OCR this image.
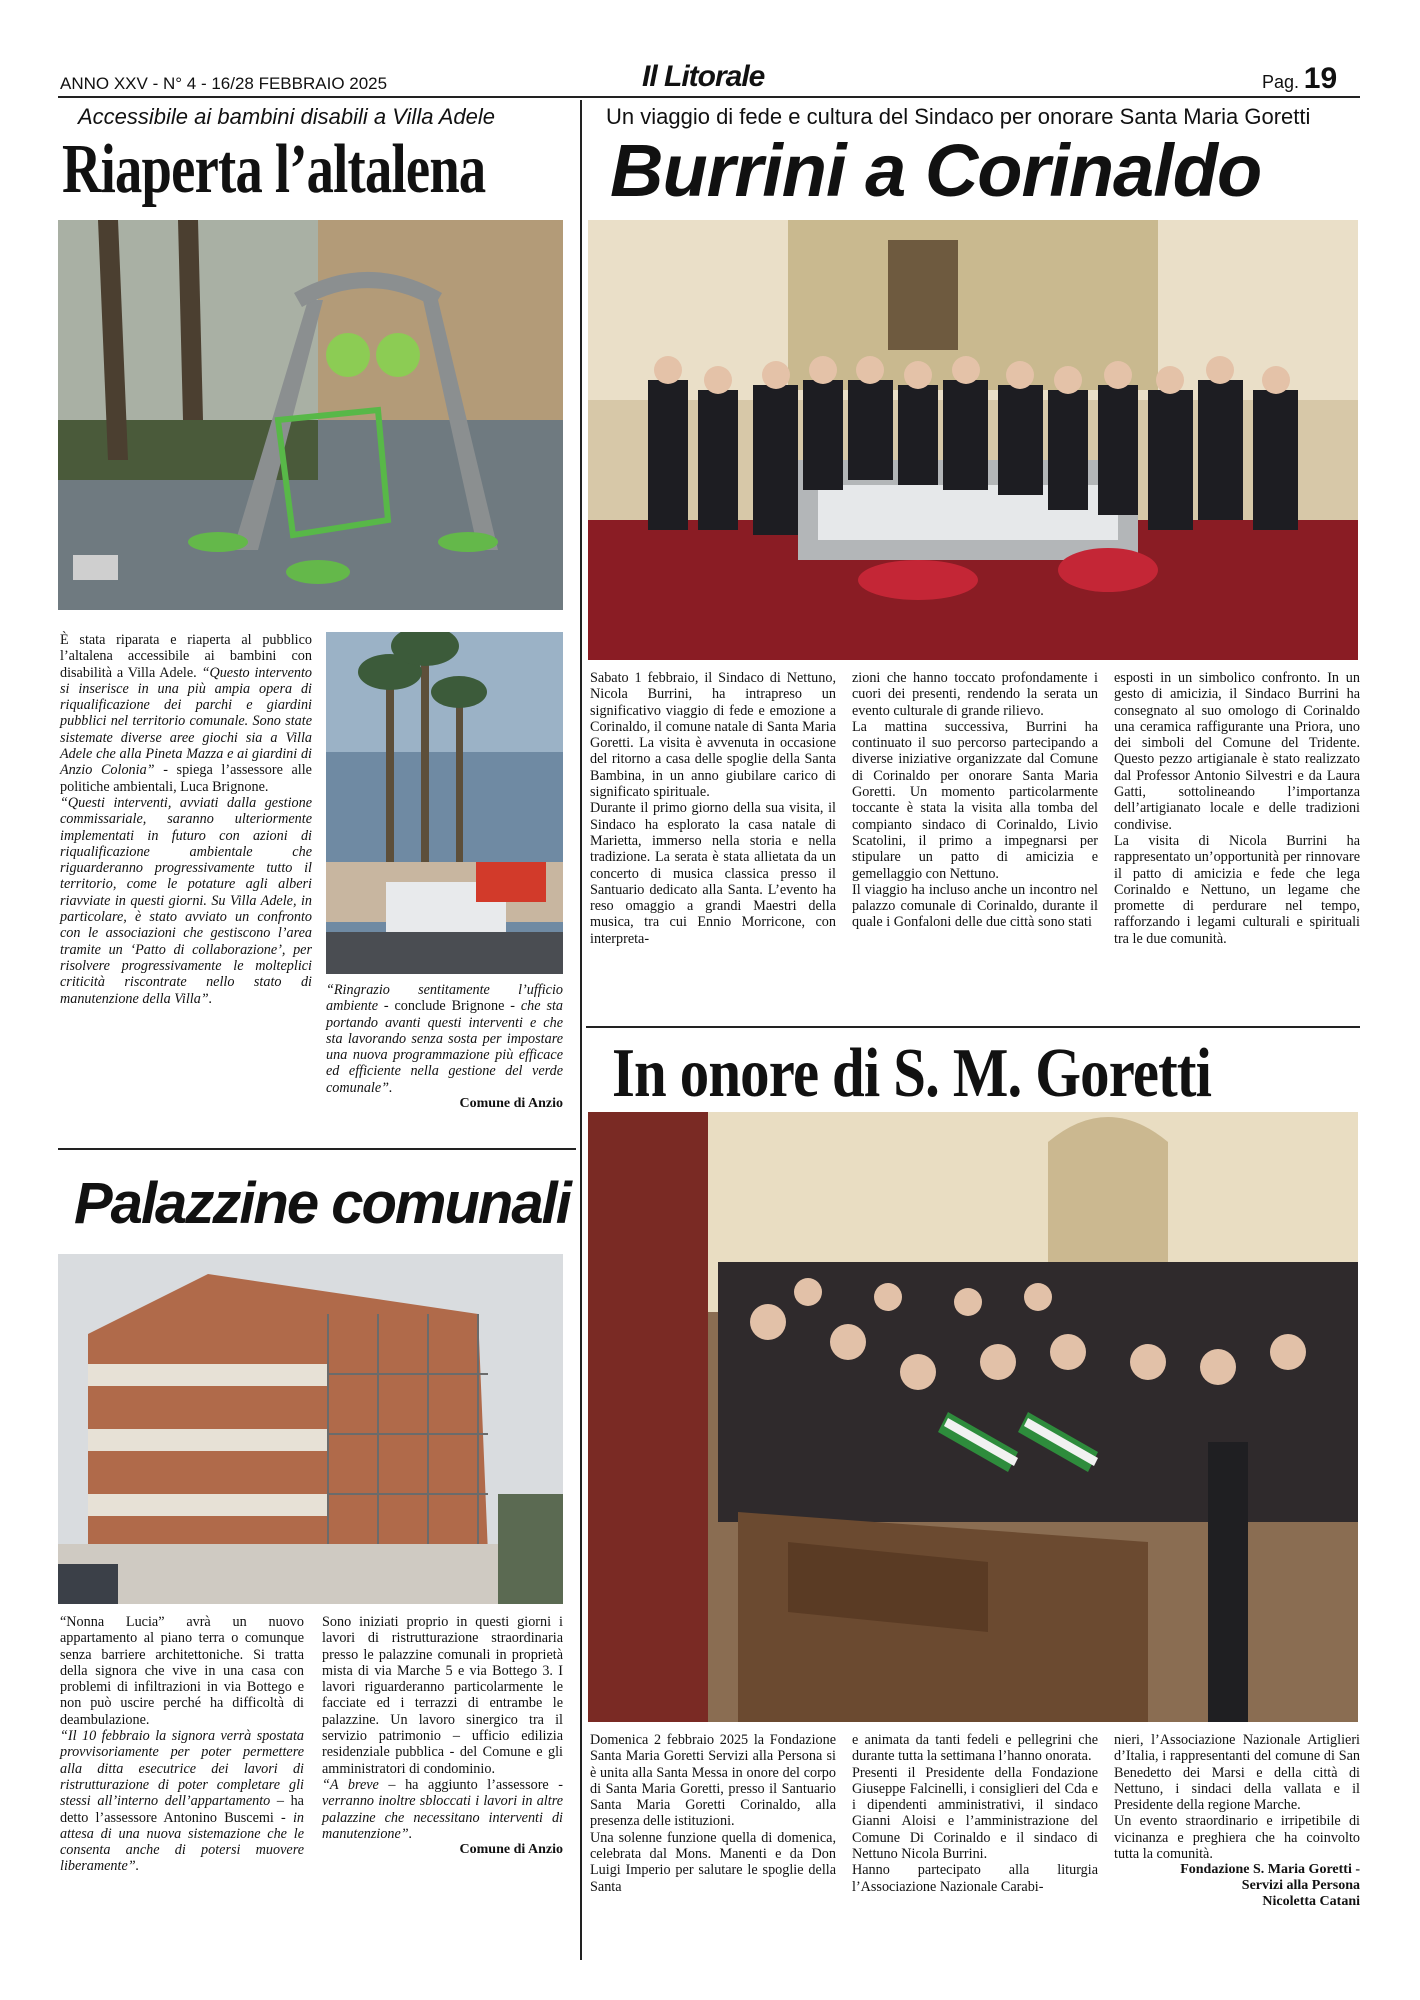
ANNO XXV - N° 4 - 16/28 FEBBRAIO 2025	Il Litorale	Pag. 19
Accessibile ai bambini disabili a Villa Adele
Riaperta l’altalena

È stata riparata e riaperta al pubblico l’altalena accessibile ai bambini con disabilità a Villa Adele. “Questo intervento si inserisce in una più ampia opera di riqualificazione dei parchi e giardini pubblici nel territorio comunale. Sono state sistemate diverse aree giochi sia a Villa Adele che alla Pineta Mazza e ai giardini di Anzio Colonia” - spiega l’assessore alle politiche ambientali, Luca Brignone.

“Questi interventi, avviati dalla gestione commissariale, saranno ulteriormente implementati in futuro con azioni di riqualificazione ambientale che riguarderanno progressivamente tutto il territorio, come le potature agli alberi riavviate in questi giorni. Su Villa Adele, in particolare, è stato avviato un confronto con le associazioni che gestiscono l’area tramite un ‘Patto di collaborazione’, per risolvere progressivamente le molteplici criticità riscontrate nello stato di manutenzione della Villa”.

“Ringrazio sentitamente l’ufficio ambiente - conclude Brignone - che sta portando avanti questi interventi e che sta lavorando senza sosta per impostare una nuova programmazione più efficace ed efficiente nella gestione del verde comunale”.

Comune di Anzio

Un viaggio di fede e cultura del Sindaco per onorare Santa Maria Goretti
Burrini a Corinaldo

Sabato 1 febbraio, il Sindaco di Nettuno, Nicola Burrini, ha intrapreso un significativo viaggio di fede e emozione a Corinaldo, il comune natale di Santa Maria Goretti. La visita è avvenuta in occasione del ritorno a casa delle spoglie della Santa Bambina, in un anno giubilare carico di significato spirituale.

Durante il primo giorno della sua visita, il Sindaco ha esplorato la casa natale di Marietta, immerso nella storia e nella tradizione. La serata è stata allietata da un concerto di musica classica presso il Santuario dedicato alla Santa. L’evento ha reso omaggio a grandi Maestri della musica, tra cui Ennio Morricone, con interpreta-

zioni che hanno toccato profondamente i cuori dei presenti, rendendo la serata un evento culturale di grande rilievo.

La mattina successiva, Burrini ha continuato il suo percorso partecipando a diverse iniziative organizzate dal Comune di Corinaldo per onorare Santa Maria Goretti. Un momento particolarmente toccante è stata la visita alla tomba del compianto sindaco di Corinaldo, Livio Scatolini, il primo a impegnarsi per stipulare un patto di amicizia e gemellaggio con Nettuno.

Il viaggio ha incluso anche un incontro nel palazzo comunale di Corinaldo, durante il quale i Gonfaloni delle due città sono stati

esposti in un simbolico confronto. In un gesto di amicizia, il Sindaco Burrini ha consegnato al suo omologo di Corinaldo una ceramica raffigurante una Priora, uno dei simboli del Comune del Tridente. Questo pezzo artigianale è stato realizzato dal Professor Antonio Silvestri e da Laura Gatti, sottolineando l’importanza dell’artigianato locale e delle tradizioni condivise.

La visita di Nicola Burrini ha rappresentato un’opportunità per rinnovare il patto di amicizia e fede che lega Corinaldo e Nettuno, un legame che promette di perdurare nel tempo, rafforzando i legami culturali e spirituali tra le due comunità.

In onore di S. M. Goretti

Domenica 2 febbraio 2025 la Fondazione Santa Maria Goretti Servizi alla Persona si è unita alla Santa Messa in onore del corpo di Santa Maria Goretti, presso il Santuario Santa Maria Goretti Corinaldo, alla presenza delle istituzioni.

Una solenne funzione quella di domenica, celebrata dal Mons. Manenti e da Don Luigi Imperio per salutare le spoglie della Santa

e animata da tanti fedeli e pellegrini che durante tutta la settimana l’hanno onorata.

Presenti il Presidente della Fondazione Giuseppe Falcinelli, i consiglieri del Cda e i dipendenti amministrativi, il sindaco Gianni Aloisi e l’amministrazione del Comune Di Corinaldo e il sindaco di Nettuno Nicola Burrini.

Hanno partecipato alla liturgia l’Associazione Nazionale Carabi-

nieri, l’Associazione Nazionale Artiglieri d’Italia, i rappresentanti del comune di San Benedetto dei Marsi e della città di Nettuno, i sindaci della vallata e il Presidente della regione Marche.

Un evento straordinario e irripetibile di vicinanza e preghiera che ha coinvolto tutta la comunità.

Fondazione S. Maria Goretti -

Servizi alla Persona

Nicoletta Catani

Palazzine comunali

“Nonna Lucia” avrà un nuovo appartamento al piano terra o comunque senza barriere architettoniche. Si tratta della signora che vive in una casa con problemi di infiltrazioni in via Bottego e non può uscire perché ha difficoltà di deambulazione.

“Il 10 febbraio la signora verrà spostata provvisoriamente per poter permettere alla ditta esecutrice dei lavori di ristrutturazione di poter completare gli stessi all’interno dell’appartamento – ha detto l’assessore Antonino Buscemi - in attesa di una nuova sistemazione che le consenta anche di potersi muovere liberamente”.

Sono iniziati proprio in questi giorni i lavori di ristrutturazione straordinaria presso le palazzine comunali in proprietà mista di via Marche 5 e via Bottego 3. I lavori riguarderanno particolarmente le facciate ed i terrazzi di entrambe le palazzine. Un lavoro sinergico tra il servizio patrimonio – ufficio edilizia residenziale pubblica - del Comune e gli amministratori di condominio.

“A breve – ha aggiunto l’assessore - verranno inoltre sbloccati i lavori in altre palazzine che necessitano interventi di manutenzione”.

Comune di Anzio
